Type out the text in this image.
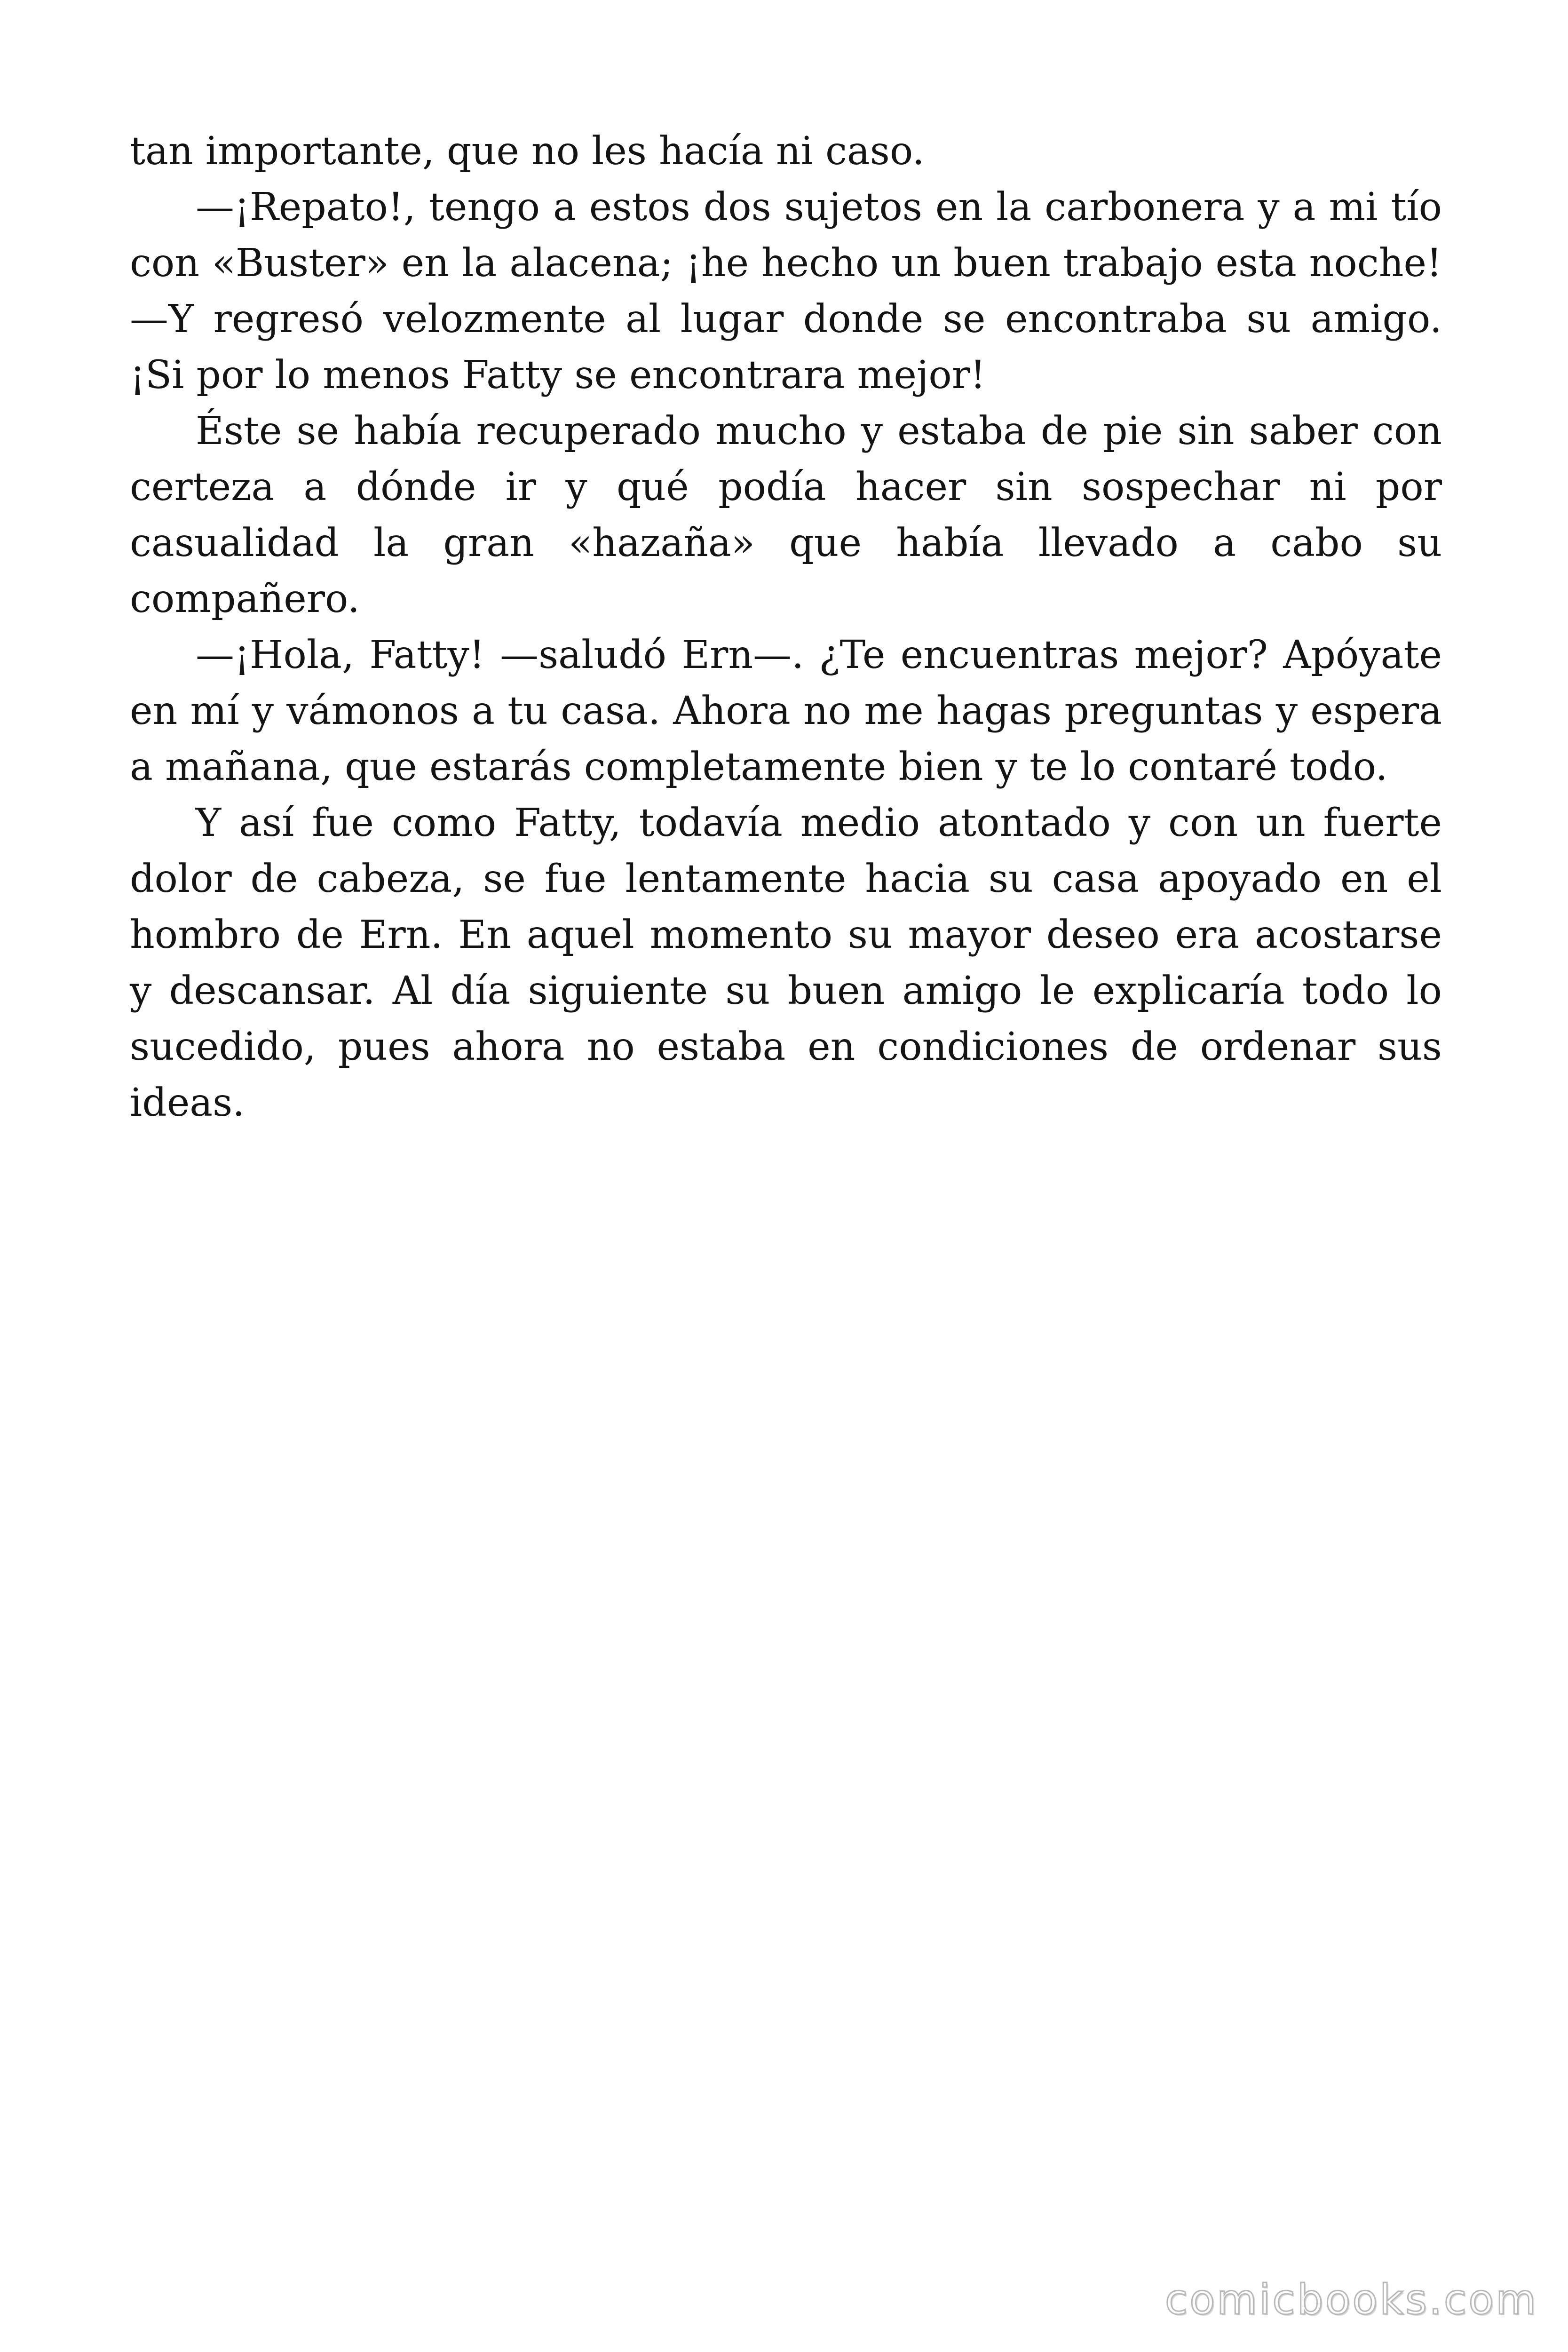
tan importante, que no les hacía ni caso.

—¡Repato!, tengo a estos dos sujetos en la carbonera y a mi tío con «Buster» en la alacena; ¡he hecho un buen trabajo esta noche! —Y regresó velozmente al lugar donde se encontraba su amigo. ¡Si por lo menos Fatty se encontrara mejor!

Éste se había recuperado mucho y estaba de pie sin saber con certeza a dónde ir y qué podía hacer sin sospechar ni por casualidad la gran «hazaña» que había llevado a cabo su compañero.

—¡Hola, Fatty! —saludó Ern—. ¿Te encuentras mejor? Apóyate en mí y vámonos a tu casa. Ahora no me hagas preguntas y espera a mañana, que estarás completamente bien y te lo contaré todo.

Y así fue como Fatty, todavía medio atontado y con un fuerte dolor de cabeza, se fue lentamente hacia su casa apoyado en el hombro de Ern. En aquel momento su mayor deseo era acostarse y descansar. Al día siguiente su buen amigo le explicaría todo lo sucedido, pues ahora no estaba en condiciones de ordenar sus ideas.

comicbooks.com
